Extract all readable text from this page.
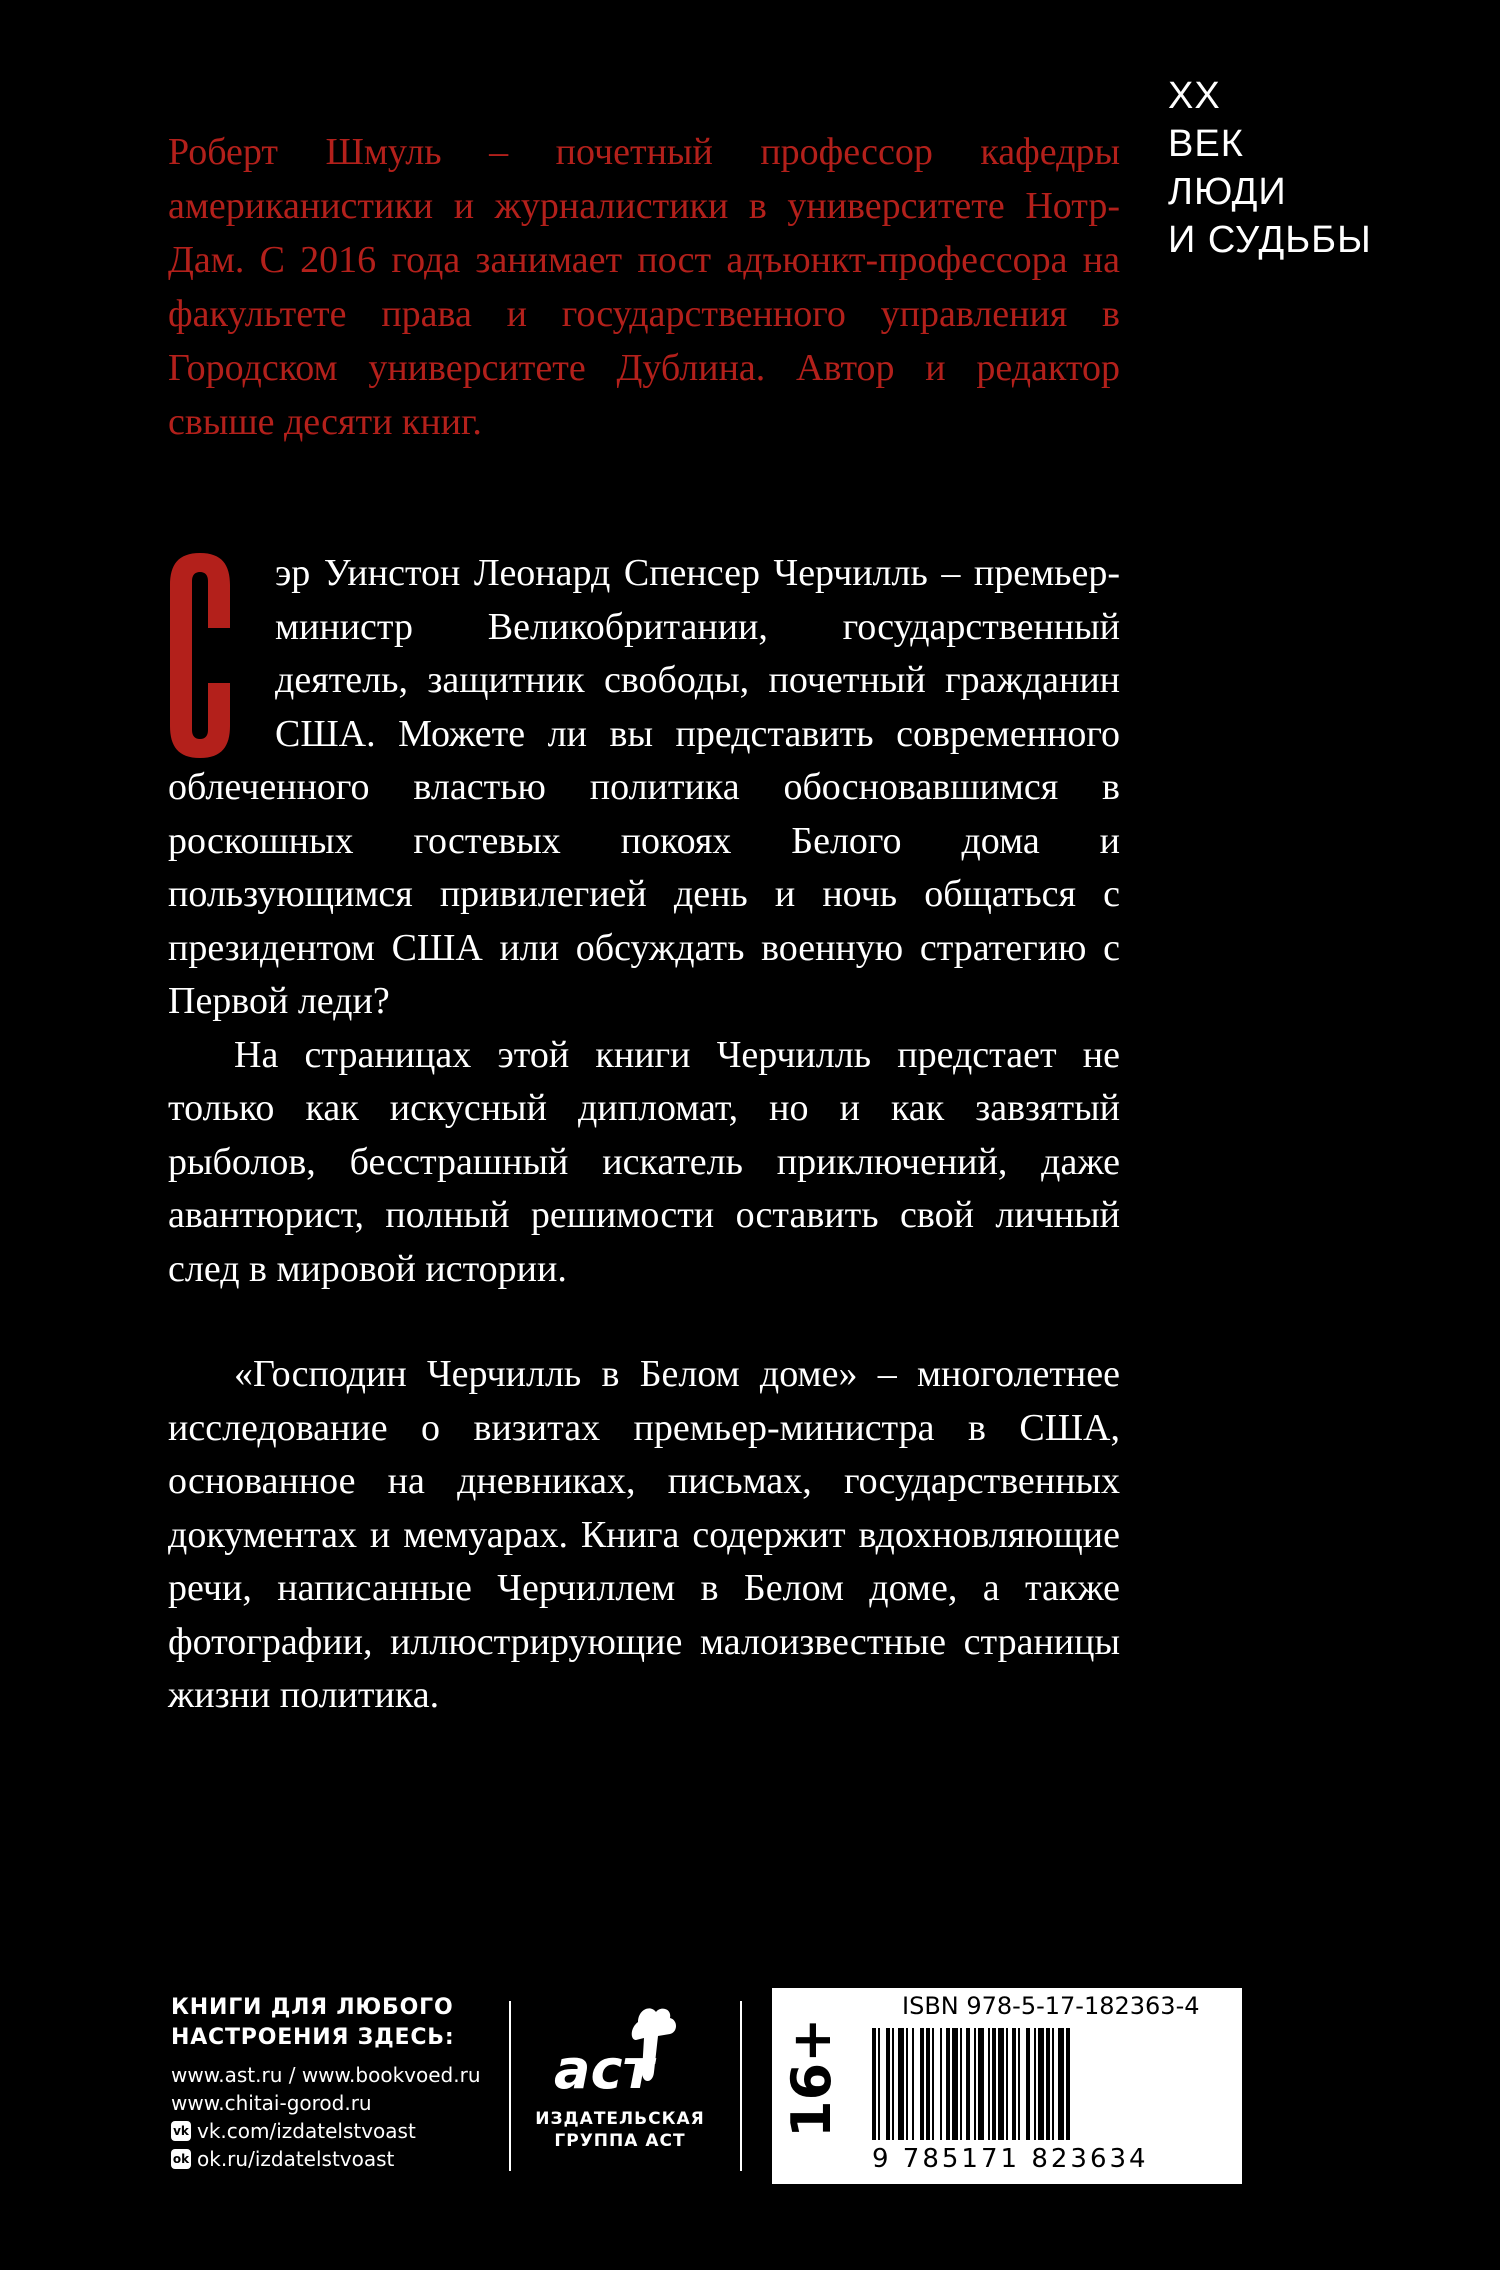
XX
ВЕК
ЛЮДИ
И СУДЬБЫ

Роберт Шмуль – почетный профессор кафедры американистики и журналистики в университете Нотр-Дам. С 2016 года занимает пост адъюнкт-профессора на факультете права и государственного управления в Городском университете Дублина. Автор и редактор свыше десяти книг.

эр Уинстон Леонард Спенсер Черчилль – премьер-министр Великобритании, государственный деятель, защитник свободы, почетный гражданин США. Можете ли вы представить современного облеченного властью политика обосновавшимся в роскошных гостевых покоях Белого дома и пользующимся привилегией день и ночь общаться с президентом США или обсуждать военную стратегию с Первой леди?

На страницах этой книги Черчилль предстает не только как искусный дипломат, но и как завзятый рыболов, бесстрашный искатель приключений, даже авантюрист, полный решимости оставить свой личный след в мировой истории.

«Господин Черчилль в Белом доме» – многолетнее исследование о визитах премьер-министра в США, основанное на дневниках, письмах, государственных документах и мемуарах. Книга содержит вдохновляющие речи, написанные Черчиллем в Белом доме, а также фотографии, иллюстрирующие малоизвестные страницы жизни политика.

КНИГИ ДЛЯ ЛЮБОГО
НАСТРОЕНИЯ ЗДЕСЬ:
www.ast.ru / www.bookvoed.ru
www.chitai-gorod.ru
vk vk.com/izdatelstvoast
ok ok.ru/izdatelstvoast
аст
ИЗДАТЕЛЬСКАЯ
ГРУППА АСТ
16+
ISBN 978-5-17-182363-4
9 785171 823634
